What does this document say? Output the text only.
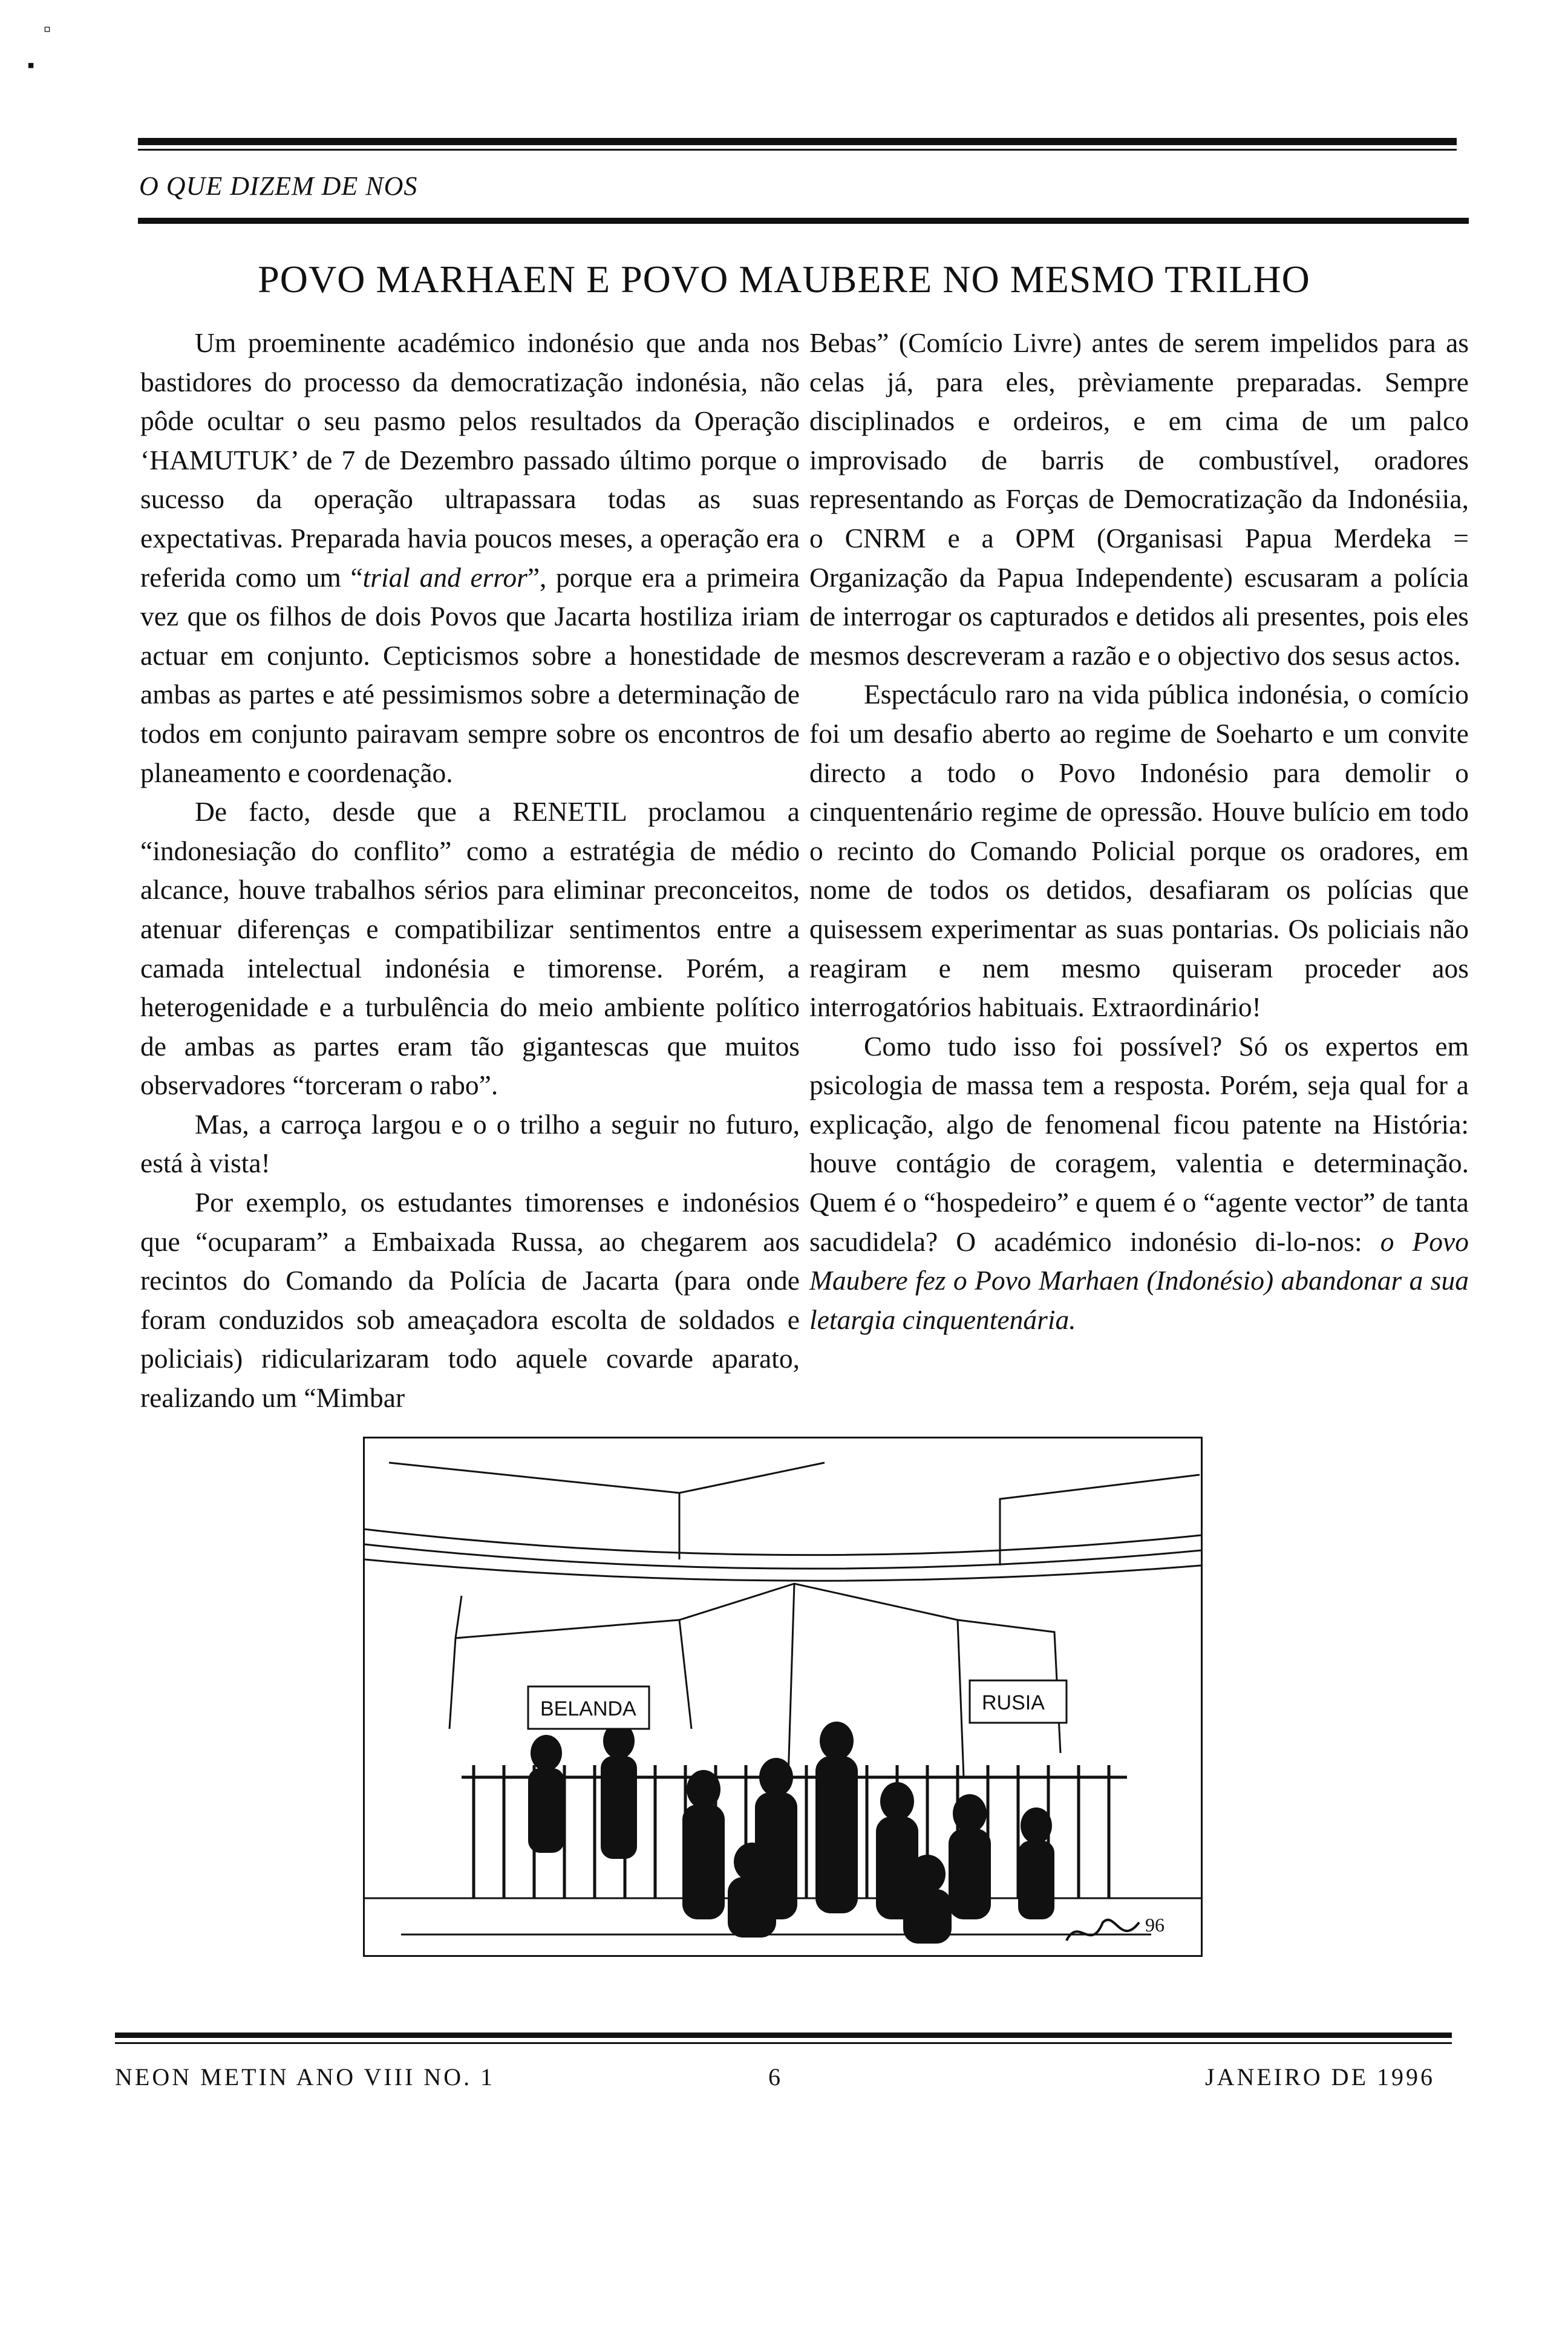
▫
▪
O QUE DIZEM DE NOS
POVO MARHAEN E POVO MAUBERE NO MESMO TRILHO

Um proeminente académico indonésio que anda nos bastidores do processo da democratização indonésia, não pôde ocultar o seu pasmo pelos resultados da Operação ‘HAMUTUK’ de 7 de Dezembro passado último porque o sucesso da operação ultrapassara todas as suas expectativas. Preparada havia poucos meses, a operação era referida como um “trial and error”, porque era a primeira vez que os filhos de dois Povos que Jacarta hostiliza iriam actuar em conjunto. Cepticismos sobre a honestidade de ambas as partes e até pessimismos sobre a determinação de todos em conjunto pairavam sempre sobre os encontros de planeamento e coordenação.

De facto, desde que a RENETIL proclamou a “indonesiação do conflito” como a estratégia de médio alcance, houve trabalhos sérios para eliminar preconceitos, atenuar diferenças e compatibilizar sentimentos entre a camada intelectual indonésia e timorense. Porém, a heterogenidade e a turbulência do meio ambiente político de ambas as partes eram tão gigantescas que muitos observadores “torceram o rabo”.

Mas, a carroça largou e o o trilho a seguir no futuro, está à vista!

Por exemplo, os estudantes timorenses e indonésios que “ocuparam” a Embaixada Russa, ao chegarem aos recintos do Comando da Polícia de Jacarta (para onde foram conduzidos sob ameaçadora escolta de soldados e policiais) ridicularizaram todo aquele covarde aparato, realizando um “Mimbar

Bebas” (Comício Livre) antes de serem impelidos para as celas já, para eles, prèviamente preparadas. Sempre disciplinados e ordeiros, e em cima de um palco improvisado de barris de combustível, oradores representando as Forças de Democratização da Indonésiia, o CNRM e a OPM (Organisasi Papua Merdeka = Organização da Papua Independente) escusaram a polícia de interrogar os capturados e detidos ali presentes, pois eles mesmos descreveram a razão e o objectivo dos sesus actos.

Espectáculo raro na vida pública indonésia, o comício foi um desafio aberto ao regime de Soeharto e um convite directo a todo o Povo Indonésio para demolir o cinquentenário regime de opressão. Houve bulício em todo o recinto do Comando Policial porque os oradores, em nome de todos os detidos, desafiaram os polícias que quisessem experimentar as suas pontarias. Os policiais não reagiram e nem mesmo quiseram proceder aos interrogatórios habituais. Extraordinário!

Como tudo isso foi possível? Só os expertos em psicologia de massa tem a resposta. Porém, seja qual for a explicação, algo de fenomenal ficou patente na História: houve contágio de coragem, valentia e determinação. Quem é o “hospedeiro” e quem é o “agente vector” de tanta sacudidela? O académico indonésio di-lo-nos: o Povo Maubere fez o Povo Marhaen (Indonésio) abandonar a sua letargia cinquentenária.

BELANDA	RUSIA
96
NEON METIN ANO VIII NO. 1	6	JANEIRO DE 1996
